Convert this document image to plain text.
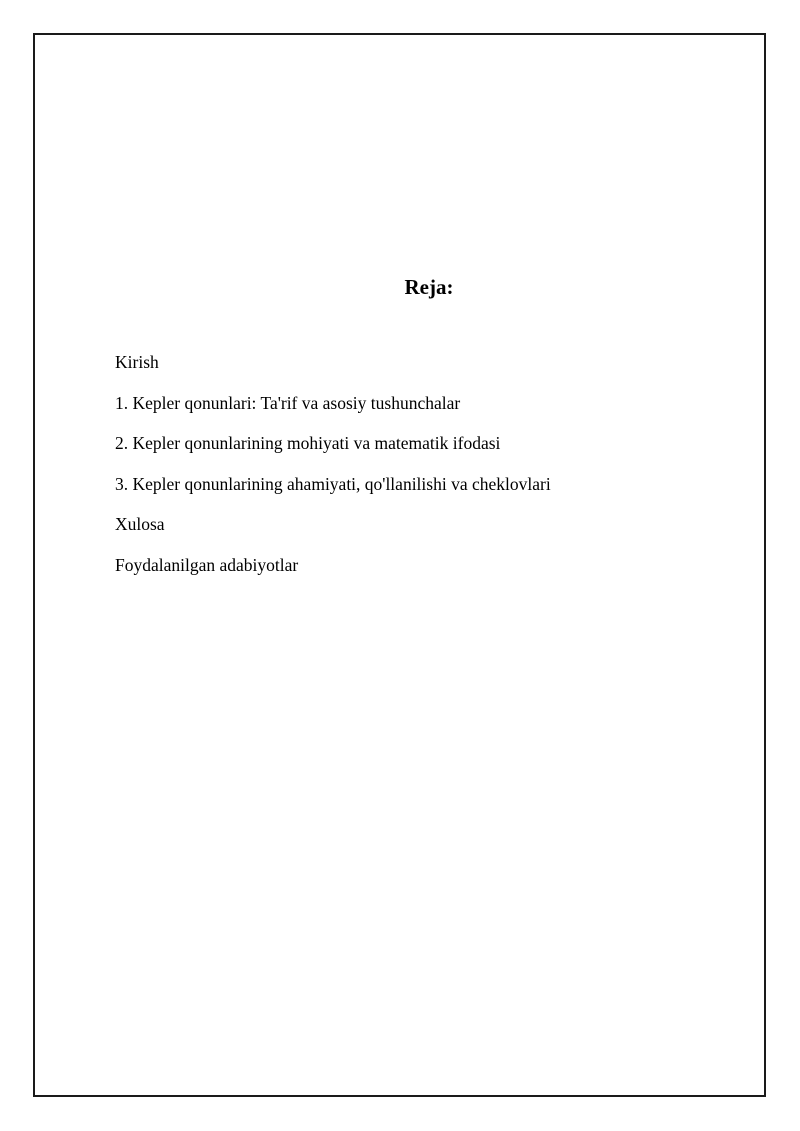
Reja:
Kirish
1. Kepler qonunlari: Ta'rif va asosiy tushunchalar
2. Kepler qonunlarining mohiyati va matematik ifodasi
3. Kepler qonunlarining ahamiyati, qo'llanilishi va cheklovlari
Xulosa
Foydalanilgan adabiyotlar
